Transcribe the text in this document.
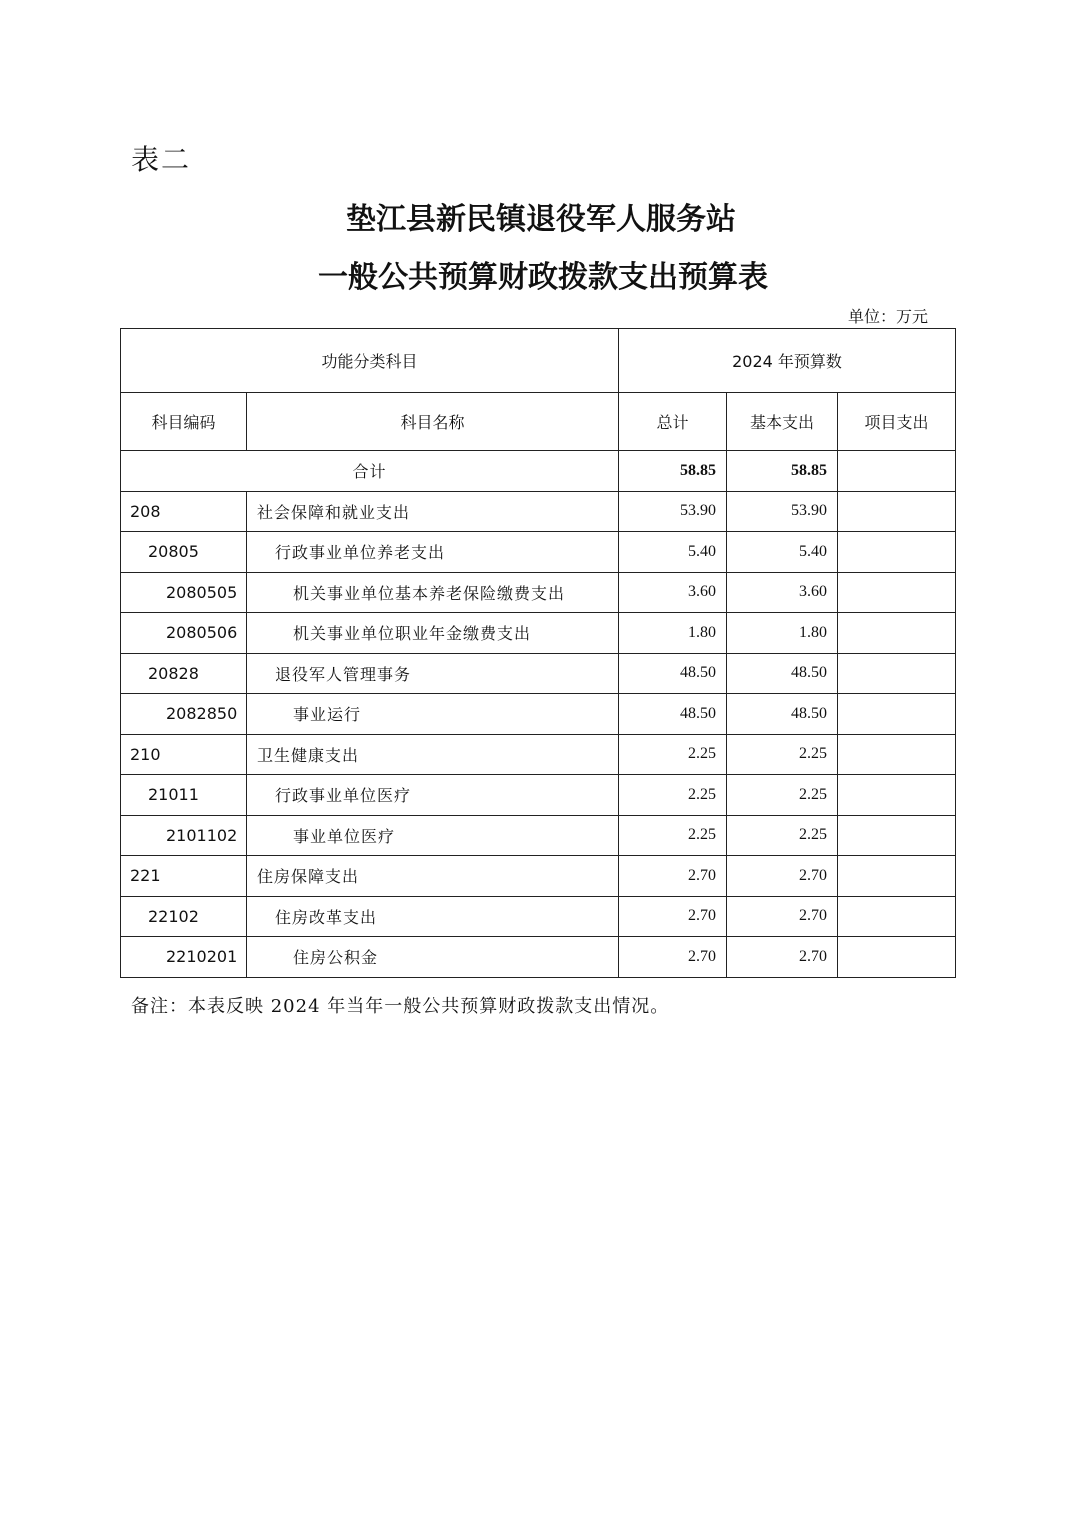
表二
垫江县新民镇退役军人服务站
一般公共预算财政拨款支出预算表
单位：万元
功能分类科目		2024 年预算数		
科目编码	科目名称	总计	基本支出	项目支出
合计		58.85	58.85	
208	社会保障和就业支出	53.90	53.90	
20805	行政事业单位养老支出	5.40	5.40	
2080505	机关事业单位基本养老保险缴费支出	3.60	3.60	
2080506	机关事业单位职业年金缴费支出	1.80	1.80	
20828	退役军人管理事务	48.50	48.50	
2082850	事业运行	48.50	48.50	
210	卫生健康支出	2.25	2.25	
21011	行政事业单位医疗	2.25	2.25	
2101102	事业单位医疗	2.25	2.25	
221	住房保障支出	2.70	2.70	
22102	住房改革支出	2.70	2.70	
2210201	住房公积金	2.70	2.70	
备注：本表反映 2024 年当年一般公共预算财政拨款支出情况。
